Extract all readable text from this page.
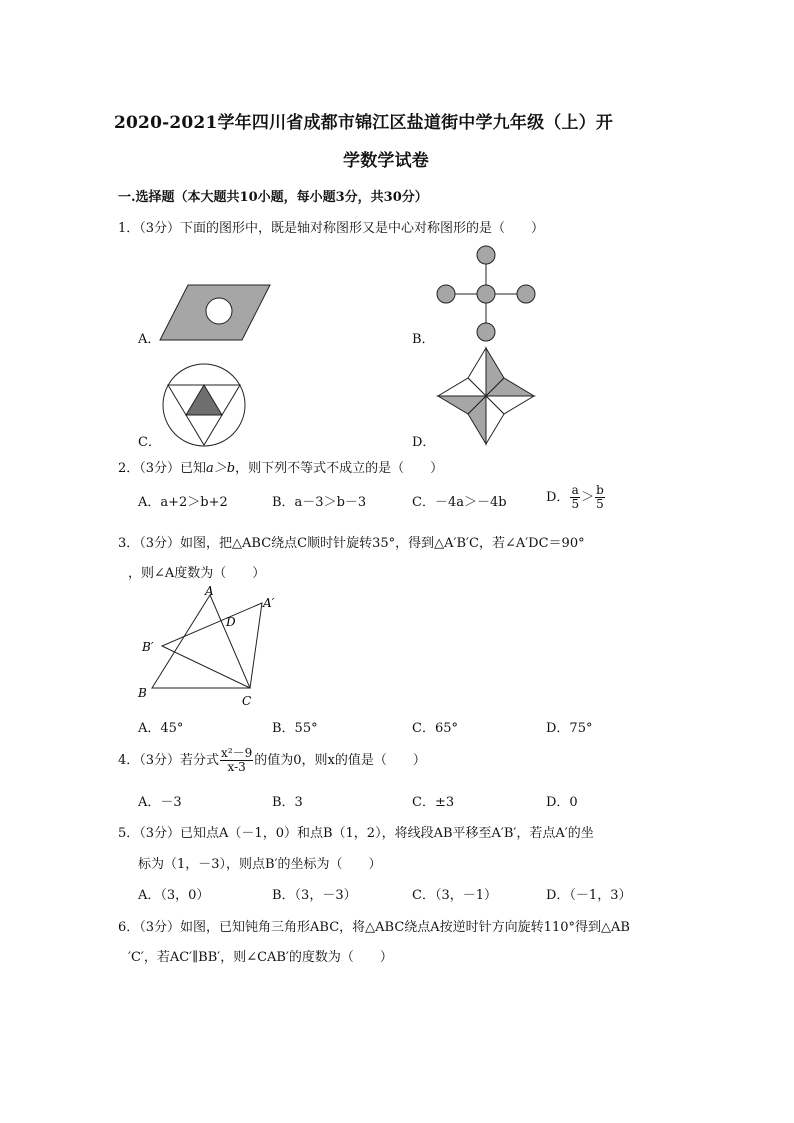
2020-2021学年四川省成都市锦江区盐道街中学九年级（上）开
学数学试卷
一.选择题（本大题共10小题，每小题3分，共30分）
1．（3分）下面的图形中，既是轴对称图形又是中心对称图形的是（　　）
A．	B．
C．	D．
2．（3分）已知a＞b，则下列不等式不成立的是（　　）
A．a+2＞b+2	B．a－3＞b－3	C．－4a＞－4b	D． $\frac{a}{5} > \frac{b}{5}$
3．（3分）如图，把△ABC绕点C顺时针旋转35°，得到△A′B′C，若∠A′DC＝90°
，则∠A度数为（　　）
A
A′
D
B′
B
C
A．45°	B．55°	C．65°	D．75°
4．（3分）若分式 $\frac{\text{x²－9}}{x-3}$ 的值为0，则x的值是（　　）
A．－3	B．3	C．±3	D．0
5．（3分）已知点A（－1，0）和点B（1，2），将线段AB平移至A′B′，若点A′的坐
标为（1，－3），则点B′的坐标为（　　）
A．（3，0）	B．（3，－3）	C．（3，－1）	D．（－1，3）
6．（3分）如图，已知钝角三角形ABC，将△ABC绕点A按逆时针方向旋转110°得到△AB
′C′，若AC′∥BB′，则∠CAB′的度数为（　　）
